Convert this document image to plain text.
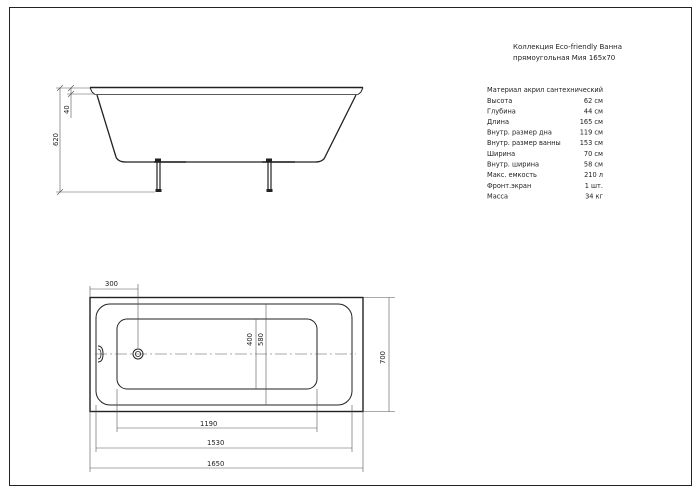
Коллекция Eco-friendly Ванна
прямоугольная Мия 165х70
Материал акрил сантехнический
Высота	62 см
Глубина	44 см
Длина	165 см
Внутр. размер дна	119 см
Внутр. размер ванны	153 см
Ширина	70 см
Внутр. ширина	58 см
Макс. емкость	210 л
Фронт.экран	1 шт.
Масса	34 кг
620
40
300
400 580
700
1190
1530
1650
